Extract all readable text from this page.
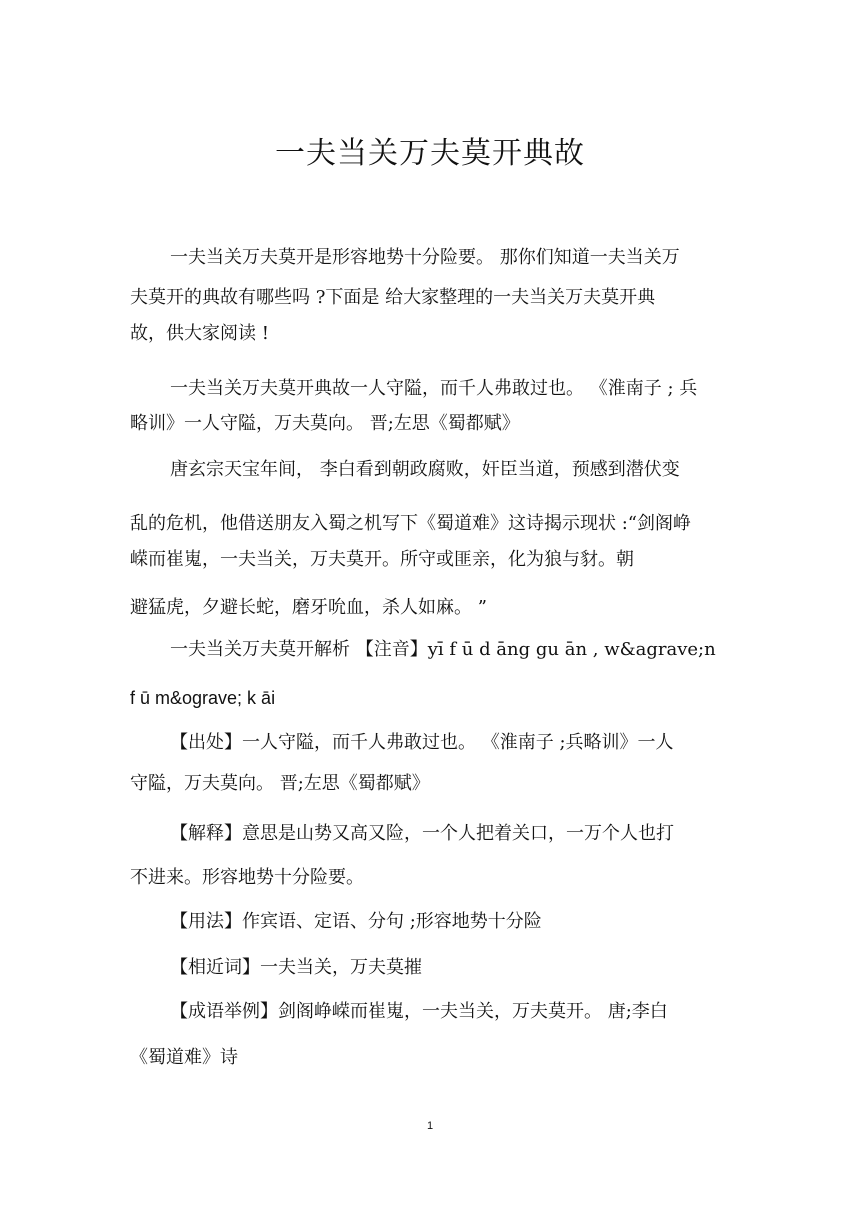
一夫当关万夫莫开典故
一夫当关万夫莫开是形容地势十分险要。 那你们知道一夫当关万
夫莫开的典故有哪些吗 ?下面是 给大家整理的一夫当关万夫莫开典
故，供大家阅读 !
一夫当关万夫莫开典故一人守隘，而千人弗敢过也。 《淮南子 ; 兵
略训》一人守隘，万夫莫向。 晋;左思《蜀都赋》
唐玄宗天宝年间， 李白看到朝政腐败，奸臣当道，预感到潜伏变
乱的危机，他借送朋友入蜀之机写下《蜀道难》这诗揭示现状 :“剑阁峥
嵘而崔嵬，一夫当关，万夫莫开。所守或匪亲，化为狼与豺。朝
避猛虎，夕避长蛇，磨牙吮血，杀人如麻。 ”
一夫当关万夫莫开解析 【注音】yī f ū d āng gu ān , w&agrave;n
f ū m&ograve; k āi
【出处】一人守隘，而千人弗敢过也。 《淮南子 ;兵略训》一人
守隘，万夫莫向。 晋;左思《蜀都赋》
【解释】意思是山势又高又险，一个人把着关口，一万个人也打
不进来。形容地势十分险要。
【用法】作宾语、定语、分句 ;形容地势十分险
【相近词】一夫当关，万夫莫摧
【成语举例】剑阁峥嵘而崔嵬，一夫当关，万夫莫开。 唐;李白
《蜀道难》诗
1
